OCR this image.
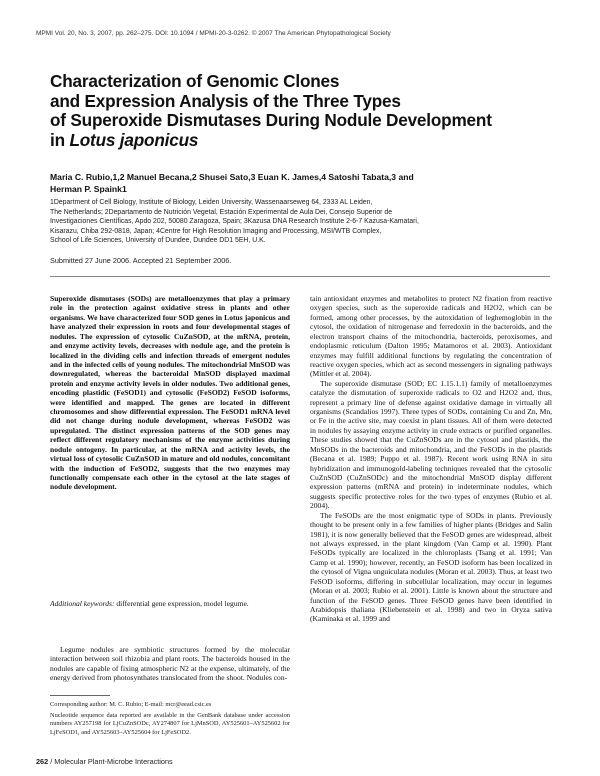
MPMI Vol. 20, No. 3, 2007, pp. 262–275. DOI: 10.1094 / MPMI-20-3-0262. © 2007 The American Phytopathological Society
Characterization of Genomic Clones
and Expression Analysis of the Three Types
of Superoxide Dismutases During Nodule Development
in Lotus japonicus
Maria C. Rubio,1,2 Manuel Becana,2 Shusei Sato,3 Euan K. James,4 Satoshi Tabata,3 and
Herman P. Spaink1
1Department of Cell Biology, Institute of Biology, Leiden University, Wassenaarseweg 64, 2333 AL Leiden,
The Netherlands; 2Departamento de Nutrición Vegetal, Estación Experimental de Aula Dei, Consejo Superior de
Investigaciones Científicas, Apdo 202, 50080 Zaragoza, Spain; 3Kazusa DNA Research Institute 2-6-7 Kazusa-Kamatari,
Kisarazu, Chiba 292-0818, Japan; 4Centre for High Resolution Imaging and Processing, MSI/WTB Complex,
School of Life Sciences, University of Dundee, Dundee DD1 5EH, U.K.
Submitted 27 June 2006. Accepted 21 September 2006.

Superoxide dismutases (SODs) are metalloenzymes that play a primary role in the protection against oxidative stress in plants and other organisms. We have characterized four SOD genes in Lotus japonicus and have analyzed their expression in roots and four developmental stages of nodules. The expression of cytosolic CuZnSOD, at the mRNA, protein, and enzyme activity levels, decreases with nodule age, and the protein is localized in the dividing cells and infection threads of emergent nodules and in the infected cells of young nodules. The mitochondrial MnSOD was downregulated, whereas the bacteroidal MnSOD displayed maximal protein and enzyme activity levels in older nodules. Two additional genes, encoding plastidic (FeSOD1) and cytosolic (FeSOD2) FeSOD isoforms, were identified and mapped. The genes are located in different chromosomes and show differential expression. The FeSOD1 mRNA level did not change during nodule development, whereas FeSOD2 was upregulated. The distinct expression patterns of the SOD genes may reflect different regulatory mechanisms of the enzyme activities during nodule ontogeny. In particular, at the mRNA and activity levels, the virtual loss of cytosolic CuZnSOD in mature and old nodules, concomitant with the induction of FeSOD2, suggests that the two enzymes may functionally compensate each other in the cytosol at the late stages of nodule development.

Additional keywords: differential gene expression, model legume.

Legume nodules are symbiotic structures formed by the molecular interaction between soil rhizobia and plant roots. The bacteroids housed in the nodules are capable of fixing atmospheric N2 at the expense, ultimately, of the energy derived from photosynthates translocated from the shoot. Nodules con-

Corresponding author: M. C. Rubio; E-mail: mcr@eead.csic.es

Nucleotide sequence data reported are available in the GenBank database under accession numbers AY257198 for LjCuZnSODc, AY274807 for LjMnSOD, AY525601–AY525602 for LjFeSOD1, and AY525603–AY525604 for LjFeSOD2.

tain antioxidant enzymes and metabolites to protect N2 fixation from reactive oxygen species, such as the superoxide radicals and H2O2, which can be formed, among other processes, by the autoxidation of leghemoglobin in the cytosol, the oxidation of nitrogenase and ferredoxin in the bacteroids, and the electron transport chains of the mitochondria, bacteroids, peroxisomes, and endoplasmic reticulum (Dalton 1995; Matamoros et al. 2003). Antioxidant enzymes may fulfill additional functions by regulating the concentration of reactive oxygen species, which act as second messengers in signaling pathways (Mittler et al. 2004).

The superoxide dismutase (SOD; EC 1.15.1.1) family of metalloenzymes catalyze the dismutation of superoxide radicals to O2 and H2O2 and, thus, represent a primary line of defense against oxidative damage in virtually all organisms (Scandalios 1997). Three types of SODs, containing Cu and Zn, Mn, or Fe in the active site, may coexist in plant tissues. All of them were detected in nodules by assaying enzyme activity in crude extracts or purified organelles. These studies showed that the CuZnSODs are in the cytosol and plastids, the MnSODs in the bacteroids and mitochondria, and the FeSODs in the plastids (Becana et al. 1989; Puppo et al. 1987). Recent work using RNA in situ hybridization and immunogold-labeling techniques revealed that the cytosolic CuZnSOD (CuZnSODc) and the mitochondrial MnSOD display different expression patterns (mRNA and protein) in indeterminate nodules, which suggests specific protective roles for the two types of enzymes (Rubio et al. 2004).

The FeSODs are the most enigmatic type of SODs in plants. Previously thought to be present only in a few families of higher plants (Bridges and Salin 1981), it is now generally believed that the FeSOD genes are widespread, albeit not always expressed, in the plant kingdom (Van Camp et al. 1990). Plant FeSODs typically are localized in the chloroplasts (Tsang et al. 1991; Van Camp et al. 1990); however, recently, an FeSOD isoform has been localized in the cytosol of Vigna unguiculata nodules (Moran et al. 2003). Thus, at least two FeSOD isoforms, differing in subcellular localization, may occur in legumes (Moran et al. 2003; Rubio et al. 2001). Little is known about the structure and function of the FeSOD genes. Three FeSOD genes have been identified in Arabidopsis thaliana (Kliebenstein et al. 1998) and two in Oryza sativa (Kaminaka et al. 1999 and

262 / Molecular Plant-Microbe Interactions
